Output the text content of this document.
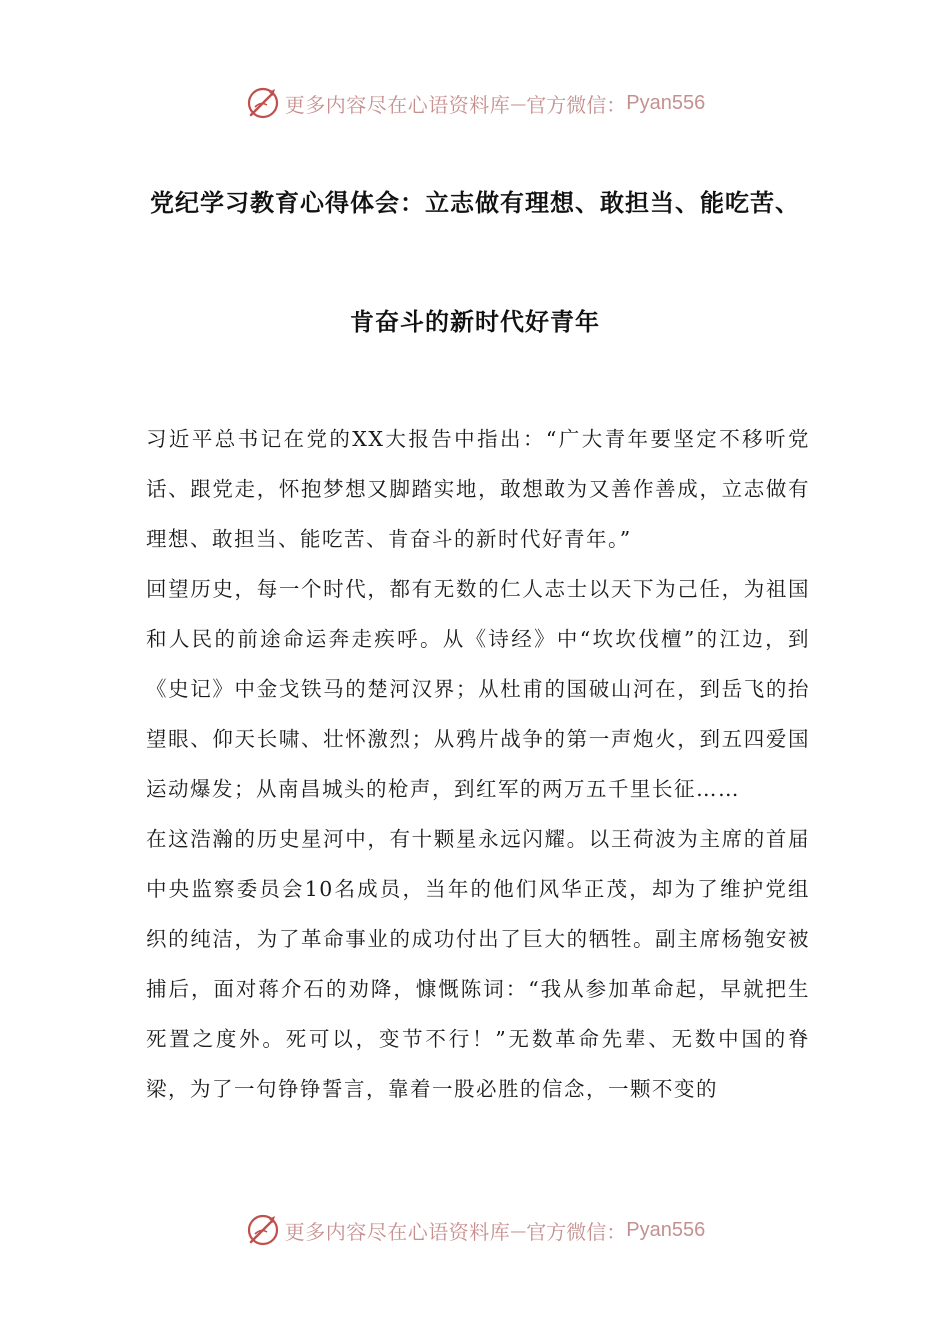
更多内容尽在心语资料库 — 官方微信： Pyan556
党纪学习教育心得体会：立志做有理想、敢担当、能吃苦、
肯奋斗的新时代好青年

习近平总书记在党的XX大报告中指出：“广大青年要坚定不移听党话、跟党走，怀抱梦想又脚踏实地，敢想敢为又善作善成，立志做有理想、敢担当、能吃苦、肯奋斗的新时代好青年。”

回望历史，每一个时代，都有无数的仁人志士以天下为己任，为祖国和人民的前途命运奔走疾呼。从《诗经》中“坎坎伐檀”的江边，到《史记》中金戈铁马的楚河汉界；从杜甫的国破山河在，到岳飞的抬望眼、仰天长啸、壮怀激烈；从鸦片战争的第一声炮火，到五四爱国运动爆发；从南昌城头的枪声，到红军的两万五千里长征……

在这浩瀚的历史星河中，有十颗星永远闪耀。以王荷波为主席的首届中央监察委员会10名成员，当年的他们风华正茂，却为了维护党组织的纯洁，为了革命事业的成功付出了巨大的牺牲。副主席杨匏安被捕后，面对蒋介石的劝降，慷慨陈词：“我从参加革命起，早就把生死置之度外。死可以，变节不行！”无数革命先辈、无数中国的脊梁，为了一句铮铮誓言，靠着一股必胜的信念，一颗不变的

更多内容尽在心语资料库 — 官方微信： Pyan556
